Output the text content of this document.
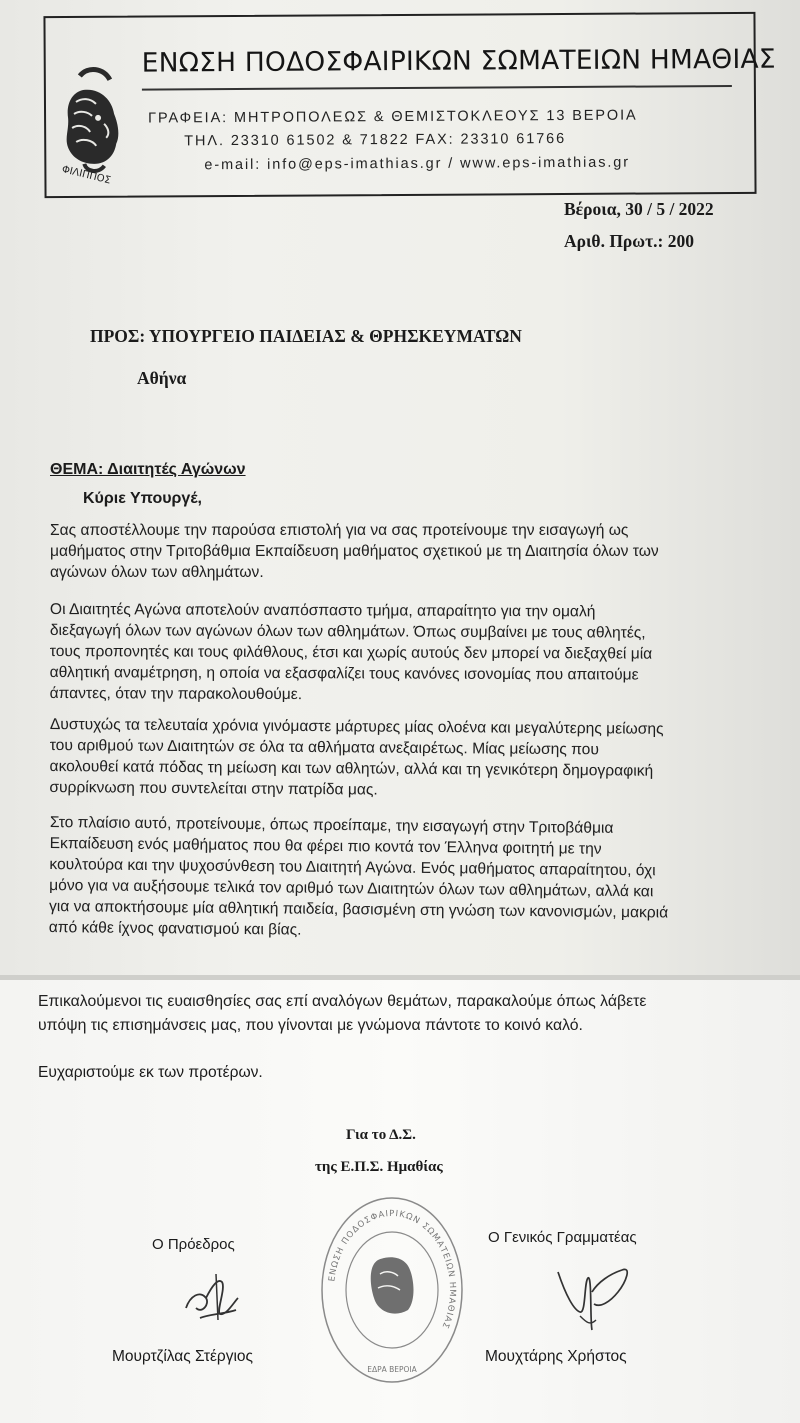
ΦΙΛΙΠΠΟΣ
ΕΝΩΣΗ ΠΟΔΟΣΦΑΙΡΙΚΩΝ ΣΩΜΑΤΕΙΩΝ ΗΜΑΘΙΑΣ
ΓΡΑΦΕΙΑ: ΜΗΤΡΟΠΟΛΕΩΣ & ΘΕΜΙΣΤΟΚΛΕΟΥΣ 13 ΒΕΡΟΙΑ
ΤΗΛ. 23310 61502 & 71822 FAX: 23310 61766
e-mail: info@eps-imathias.gr / www.eps-imathias.gr
Βέροια, 30 / 5 / 2022
Αριθ. Πρωτ.: 200
ΠΡΟΣ: ΥΠΟΥΡΓΕΙΟ ΠΑΙΔΕΙΑΣ & ΘΡΗΣΚΕΥΜΑΤΩΝ
Αθήνα
ΘΕΜΑ: Διαιτητές Αγώνων
Κύριε Υπουργέ,
Σας αποστέλλουμε την παρούσα επιστολή για να σας προτείνουμε την εισαγωγή ως
μαθήματος στην Τριτοβάθμια Εκπαίδευση μαθήματος σχετικού με τη Διαιτησία όλων των
αγώνων όλων των αθλημάτων.
Οι Διαιτητές Αγώνα αποτελούν αναπόσπαστο τμήμα, απαραίτητο για την ομαλή
διεξαγωγή όλων των αγώνων όλων των αθλημάτων. Όπως συμβαίνει με τους αθλητές,
τους προπονητές και τους φιλάθλους, έτσι και χωρίς αυτούς δεν μπορεί να διεξαχθεί μία
αθλητική αναμέτρηση, η οποία να εξασφαλίζει τους κανόνες ισονομίας που απαιτούμε
άπαντες, όταν την παρακολουθούμε.
Δυστυχώς τα τελευταία χρόνια γινόμαστε μάρτυρες μίας ολοένα και μεγαλύτερης μείωσης
του αριθμού των Διαιτητών σε όλα τα αθλήματα ανεξαιρέτως. Μίας μείωσης που
ακολουθεί κατά πόδας τη μείωση και των αθλητών, αλλά και τη γενικότερη δημογραφική
συρρίκνωση που συντελείται στην πατρίδα μας.
Στο πλαίσιο αυτό, προτείνουμε, όπως προείπαμε, την εισαγωγή στην Τριτοβάθμια
Εκπαίδευση ενός μαθήματος που θα φέρει πιο κοντά τον Έλληνα φοιτητή με την
κουλτούρα και την ψυχοσύνθεση του Διαιτητή Αγώνα. Ενός μαθήματος απαραίτητου, όχι
μόνο για να αυξήσουμε τελικά τον αριθμό των Διαιτητών όλων των αθλημάτων, αλλά και
για να αποκτήσουμε μία αθλητική παιδεία, βασισμένη στη γνώση των κανονισμών, μακριά
από κάθε ίχνος φανατισμού και βίας.
Επικαλούμενοι τις ευαισθησίες σας επί αναλόγων θεμάτων, παρακαλούμε όπως λάβετε
υπόψη τις επισημάνσεις μας, που γίνονται με γνώμονα πάντοτε το κοινό καλό.
Ευχαριστούμε εκ των προτέρων.
Για το Δ.Σ.
της Ε.Π.Σ. Ημαθίας
Ο Πρόεδρος	Ο Γενικός Γραμματέας
ΕΝΩΣΗ ΠΟΔΟΣΦΑΙΡΙΚΩΝ ΣΩΜΑΤΕΙΩΝ ΗΜΑΘΙΑΣ
ΕΔΡΑ ΒΕΡΟΙΑ
Μουρτζίλας Στέργιος	Μουχτάρης Χρήστος
